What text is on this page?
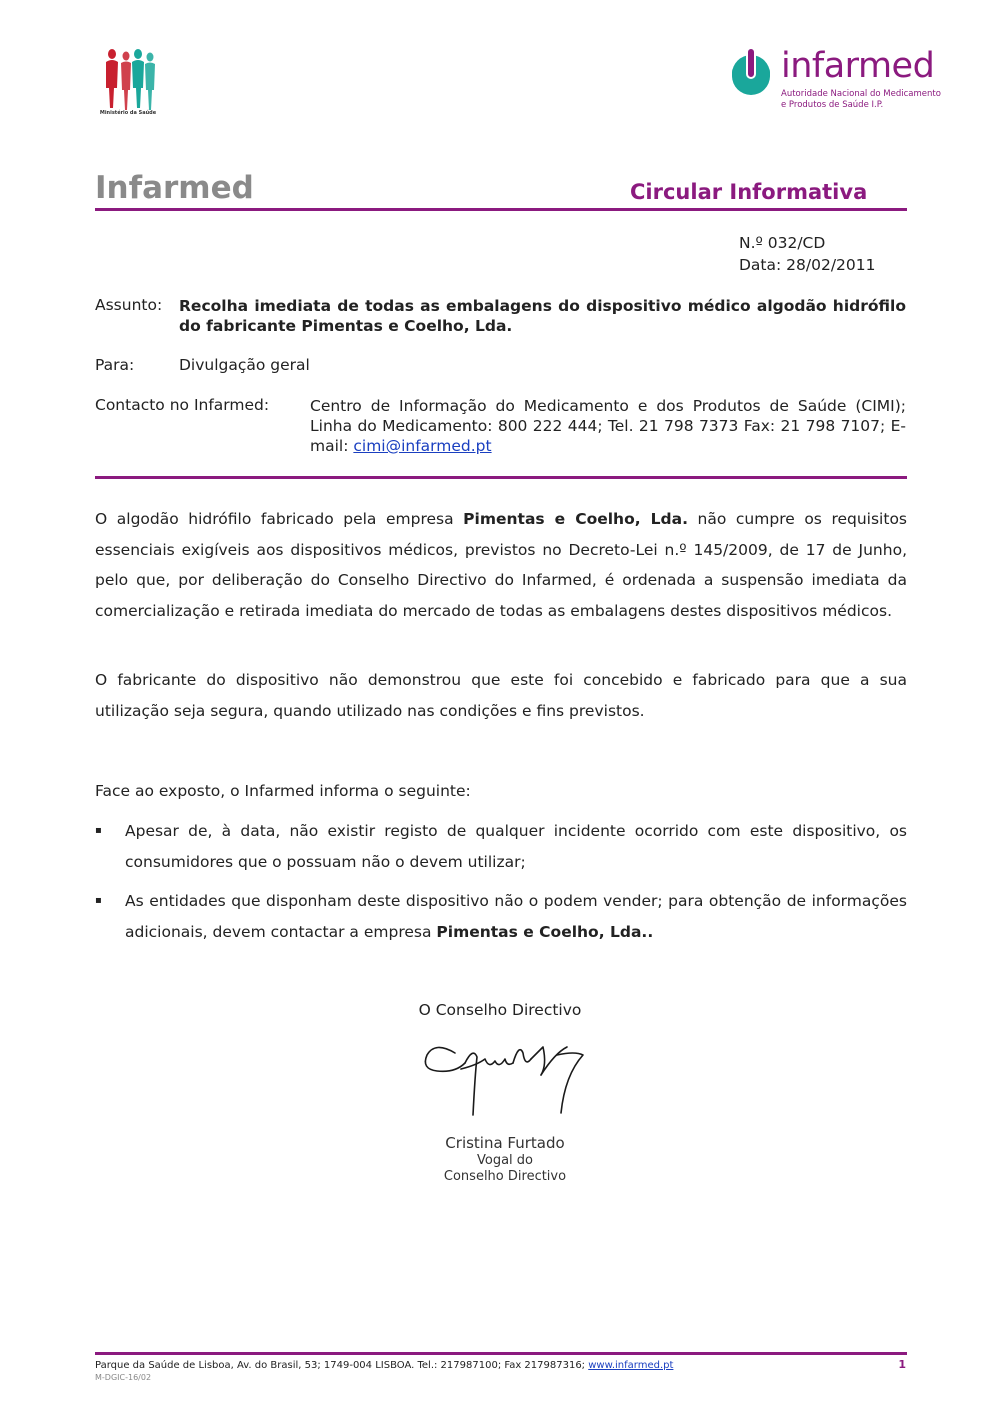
Ministério da Saúde
infarmed
Autoridade Nacional do Medicamento
e Produtos de Saúde I.P.
Infarmed	Circular Informativa
N.º 032/CD
Data: 28/02/2011
Assunto: Recolha imediata de todas as embalagens do dispositivo médico algodão hidrófilo do fabricante Pimentas e Coelho, Lda.
Para:	Divulgação geral
Contacto no Infarmed:	Centro de Informação do Medicamento e dos Produtos de Saúde (CIMI); Linha do Medicamento: 800 222 444; Tel. 21 798 7373 Fax: 21 798 7107; E-mail: cimi@infarmed.pt
O algodão hidrófilo fabricado pela empresa Pimentas e Coelho, Lda. não cumpre os requisitos essenciais exigíveis aos dispositivos médicos, previstos no Decreto-Lei n.º 145/2009, de 17 de Junho, pelo que, por deliberação do Conselho Directivo do Infarmed, é ordenada a suspensão imediata da comercialização e retirada imediata do mercado de todas as embalagens destes dispositivos médicos.
O fabricante do dispositivo não demonstrou que este foi concebido e fabricado para que a sua utilização seja segura, quando utilizado nas condições e fins previstos.
Face ao exposto, o Infarmed informa o seguinte:
▪ Apesar de, à data, não existir registo de qualquer incidente ocorrido com este dispositivo, os consumidores que o possuam não o devem utilizar;
▪ As entidades que disponham deste dispositivo não o podem vender; para obtenção de informações adicionais, devem contactar a empresa Pimentas e Coelho, Lda..
O Conselho Directivo
Cristina Furtado
Vogal do
Conselho Directivo
Parque da Saúde de Lisboa, Av. do Brasil, 53; 1749-004 LISBOA. Tel.: 217987100; Fax 217987316; www.infarmed.pt
M-DGIC-16/02
1
